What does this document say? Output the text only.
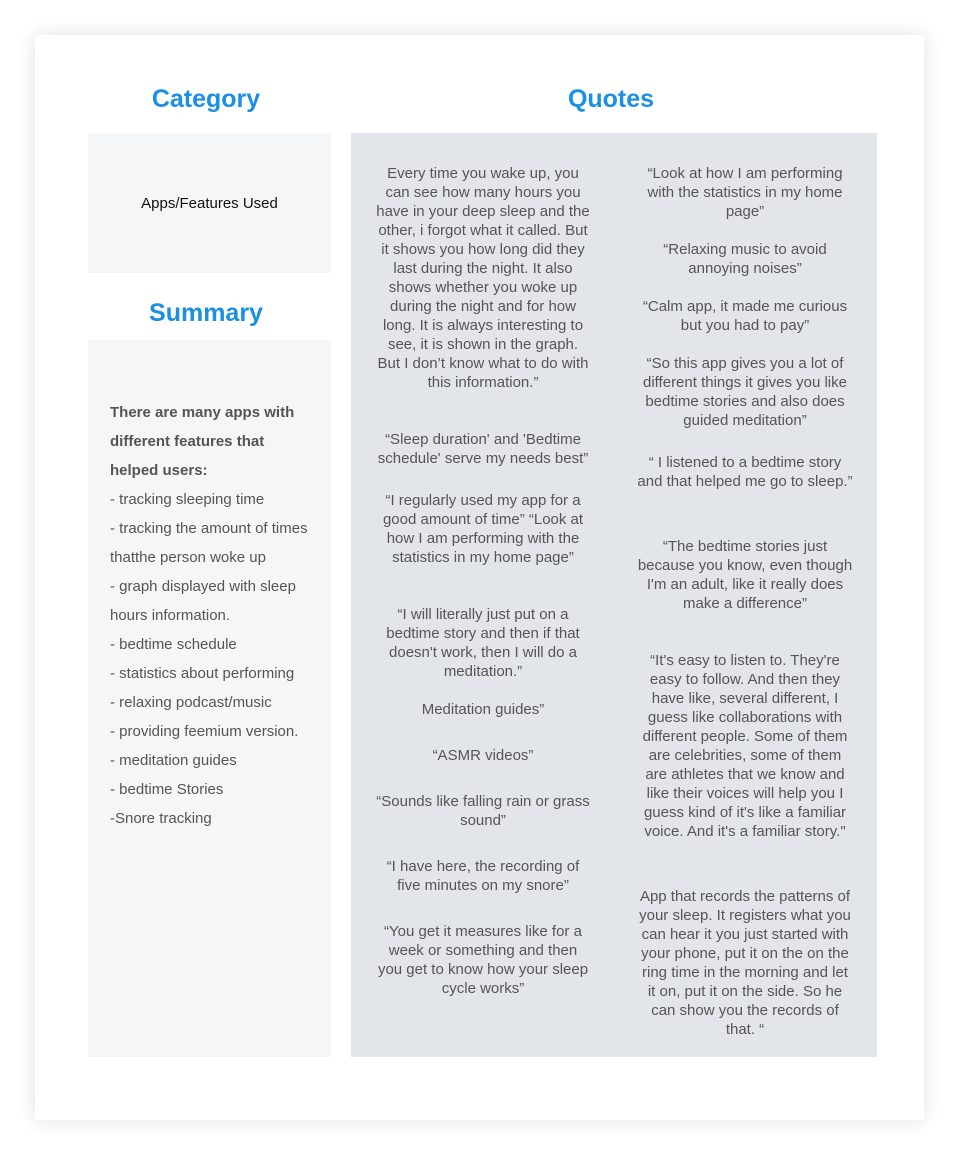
Category	Quotes
Apps/Features Used
Summary
There are many apps with different features that helped users:
- tracking sleeping time
- tracking the amount of times thatthe person woke up
- graph displayed with sleep hours information.
- bedtime schedule
- statistics about performing
- relaxing podcast/music
- providing feemium version.
- meditation guides
- bedtime Stories
-Snore tracking

Every time you wake up, you can see how many hours you have in your deep sleep and the other, i forgot what it called. But it shows you how long did they last during the night. It also shows whether you woke up during the night and for how long. It is always interesting to see, it is shown in the graph. But I don’t know what to do with this information.”

“Sleep duration' and 'Bedtime schedule' serve my needs best”

“I regularly used my app for a good amount of time” “Look at how I am performing with the statistics in my home page”

“I will literally just put on a bedtime story and then if that doesn't work, then I will do a meditation.”

Meditation guides”

“ASMR videos”

“Sounds like falling rain or grass sound”

“I have here, the recording of five minutes on my snore”

“You get it measures like for a week or something and then you get to know how your sleep cycle works”

“Look at how I am performing with the statistics in my home page”

“Relaxing music to avoid annoying noises”

“Calm app, it made me curious but you had to pay”

“So this app gives you a lot of different things it gives you like bedtime stories and also does guided meditation”

“ I listened to a bedtime story and that helped me go to sleep.”

“The bedtime stories just because you know, even though I'm an adult, like it really does make a difference”

“It's easy to listen to. They're easy to follow. And then they have like, several different, I guess like collaborations with different people. Some of them are celebrities, some of them are athletes that we know and like their voices will help you I guess kind of it's like a familiar voice. And it's a familiar story."

App that records the patterns of your sleep. It registers what you can hear it you just started with your phone, put it on the on the ring time in the morning and let it on, put it on the side. So he can show you the records of that. “
